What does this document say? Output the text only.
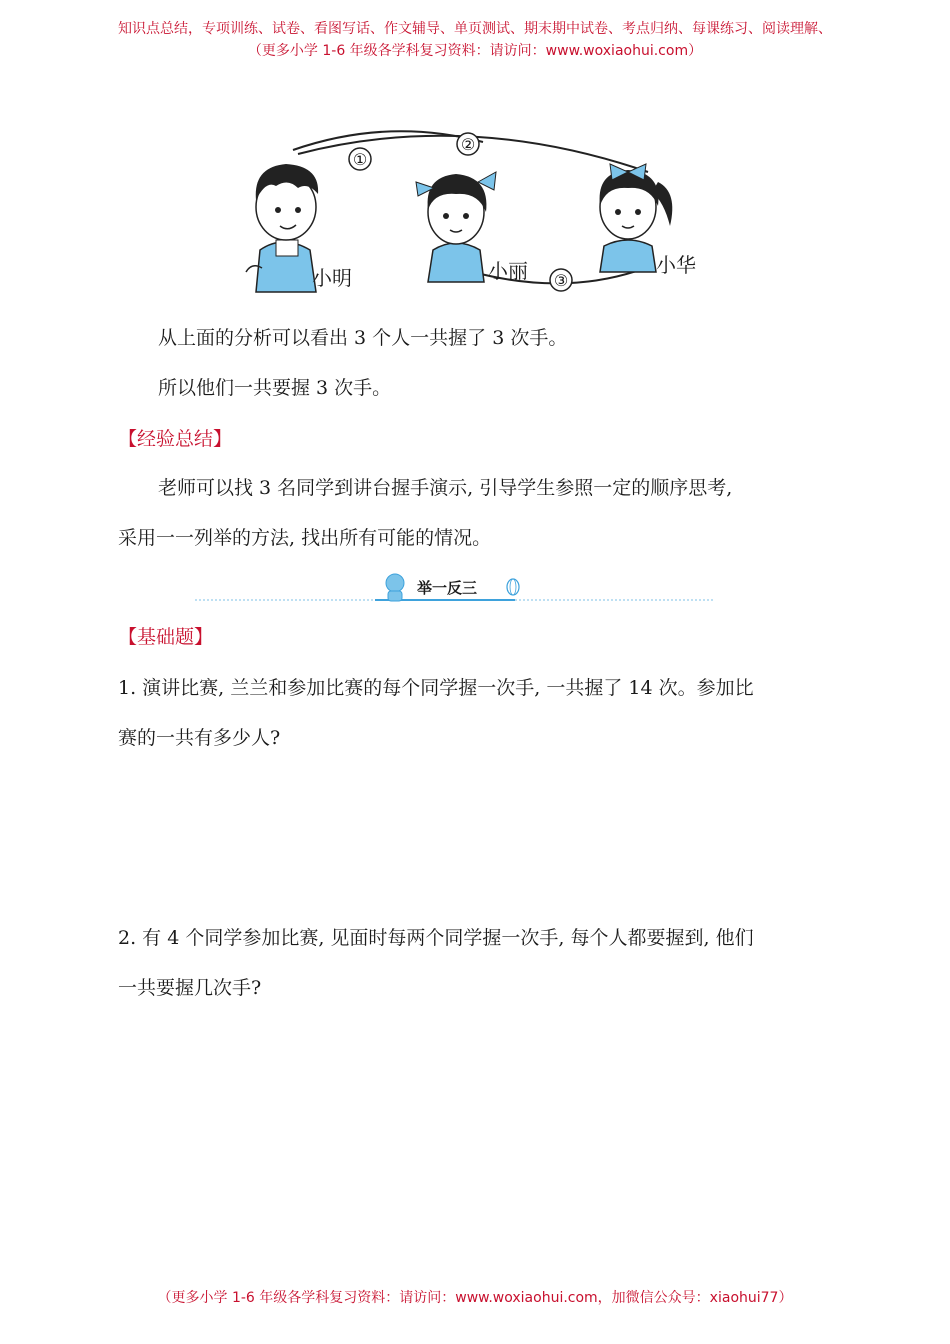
知识点总结，专项训练、试卷、看图写话、作文辅导、单页测试、期末期中试卷、考点归纳、每课练习、阅读理解、
（更多小学 1-6 年级各学科复习资料：请访问：www.woxiaohui.com）
①
②
③
小明	小丽	小华
从上面的分析可以看出 3 个人一共握了 3 次手。
所以他们一共要握 3 次手。
【经验总结】
老师可以找 3 名同学到讲台握手演示, 引导学生参照一定的顺序思考,
采用一一列举的方法, 找出所有可能的情况。
举一反三
【基础题】
1. 演讲比赛, 兰兰和参加比赛的每个同学握一次手, 一共握了 14 次。参加比
赛的一共有多少人?
2. 有 4 个同学参加比赛, 见面时每两个同学握一次手, 每个人都要握到, 他们
一共要握几次手?
（更多小学 1-6 年级各学科复习资料：请访问：www.woxiaohui.com，加微信公众号：xiaohui77）
